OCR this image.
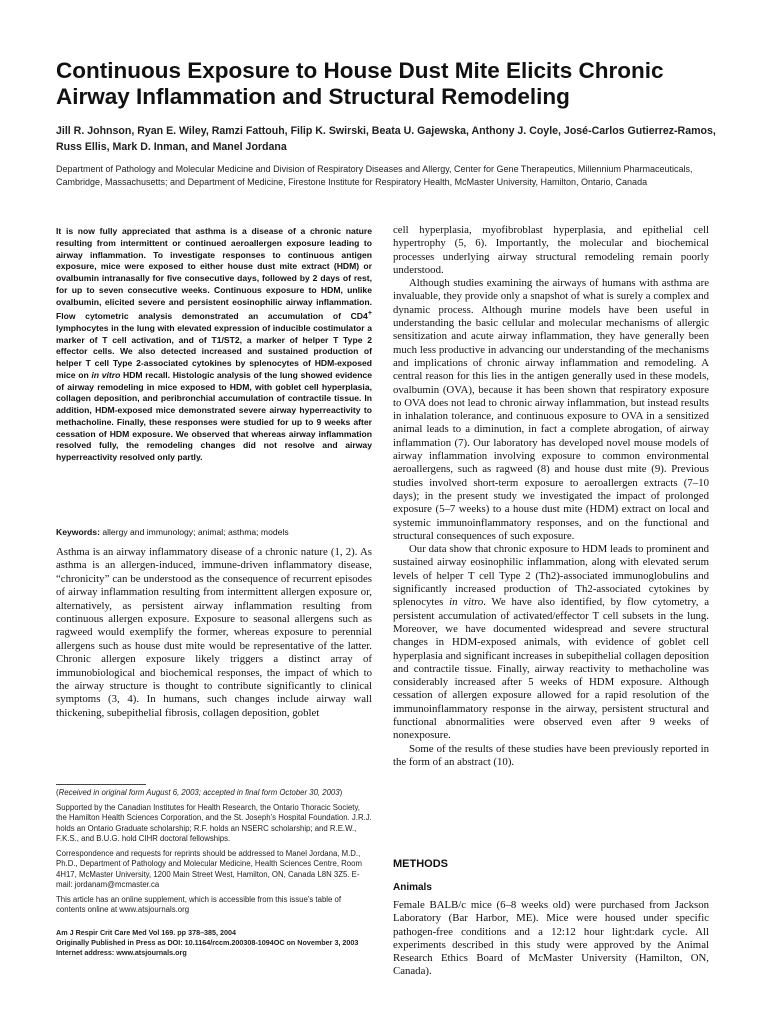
Continuous Exposure to House Dust Mite Elicits Chronic Airway Inflammation and Structural Remodeling

Jill R. Johnson, Ryan E. Wiley, Ramzi Fattouh, Filip K. Swirski, Beata U. Gajewska, Anthony J. Coyle, José-Carlos Gutierrez-Ramos, Russ Ellis, Mark D. Inman, and Manel Jordana

Department of Pathology and Molecular Medicine and Division of Respiratory Diseases and Allergy, Center for Gene Therapeutics, Millennium Pharmaceuticals, Cambridge, Massachusetts; and Department of Medicine, Firestone Institute for Respiratory Health, McMaster University, Hamilton, Ontario, Canada

It is now fully appreciated that asthma is a disease of a chronic nature resulting from intermittent or continued aeroallergen exposure leading to airway inflammation. To investigate responses to continuous antigen exposure, mice were exposed to either house dust mite extract (HDM) or ovalbumin intranasally for five consecutive days, followed by 2 days of rest, for up to seven consecutive weeks. Continuous exposure to HDM, unlike ovalbumin, elicited severe and persistent eosinophilic airway inflammation. Flow cytometric analysis demonstrated an accumulation of CD4+ lymphocytes in the lung with elevated expression of inducible costimulator a marker of T cell activation, and of T1/ST2, a marker of helper T Type 2 effector cells. We also detected increased and sustained production of helper T cell Type 2-associated cytokines by splenocytes of HDM-exposed mice on in vitro HDM recall. Histologic analysis of the lung showed evidence of airway remodeling in mice exposed to HDM, with goblet cell hyperplasia, collagen deposition, and peribronchial accumulation of contractile tissue. In addition, HDM-exposed mice demonstrated severe airway hyperreactivity to methacholine. Finally, these responses were studied for up to 9 weeks after cessation of HDM exposure. We observed that whereas airway inflammation resolved fully, the remodeling changes did not resolve and airway hyperreactivity resolved only partly.

Keywords: allergy and immunology; animal; asthma; models

Asthma is an airway inflammatory disease of a chronic nature (1, 2). As asthma is an allergen-induced, immune-driven inflammatory disease, “chronicity” can be understood as the consequence of recurrent episodes of airway inflammation resulting from intermittent allergen exposure or, alternatively, as persistent airway inflammation resulting from continuous allergen exposure. Exposure to seasonal allergens such as ragweed would exemplify the former, whereas exposure to perennial allergens such as house dust mite would be representative of the latter. Chronic allergen exposure likely triggers a distinct array of immunobiological and biochemical responses, the impact of which to the airway structure is thought to contribute significantly to clinical symptoms (3, 4). In humans, such changes include airway wall thickening, subepithelial fibrosis, collagen deposition, goblet

(Received in original form August 6, 2003; accepted in final form October 30, 2003)

Supported by the Canadian Institutes for Health Research, the Ontario Thoracic Society, the Hamilton Health Sciences Corporation, and the St. Joseph’s Hospital Foundation. J.R.J. holds an Ontario Graduate scholarship; R.F. holds an NSERC scholarship; and R.E.W., F.K.S., and B.U.G. hold CIHR doctoral fellowships.

Correspondence and requests for reprints should be addressed to Manel Jordana, M.D., Ph.D., Department of Pathology and Molecular Medicine, Health Sciences Centre, Room 4H17, McMaster University, 1200 Main Street West, Hamilton, ON, Canada L8N 3Z5. E-mail: jordanam@mcmaster.ca

This article has an online supplement, which is accessible from this issue’s table of contents online at www.atsjournals.org

Am J Respir Crit Care Med Vol 169. pp 378–385, 2004
Originally Published in Press as DOI: 10.1164/rccm.200308-1094OC on November 3, 2003
Internet address: www.atsjournals.org

cell hyperplasia, myofibroblast hyperplasia, and epithelial cell hypertrophy (5, 6). Importantly, the molecular and biochemical processes underlying airway structural remodeling remain poorly understood.

Although studies examining the airways of humans with asthma are invaluable, they provide only a snapshot of what is surely a complex and dynamic process. Although murine models have been useful in understanding the basic cellular and molecular mechanisms of allergic sensitization and acute airway inflammation, they have generally been much less productive in advancing our understanding of the mechanisms and implications of chronic airway inflammation and remodeling. A central reason for this lies in the antigen generally used in these models, ovalbumin (OVA), because it has been shown that respiratory exposure to OVA does not lead to chronic airway inflammation, but instead results in inhalation tolerance, and continuous exposure to OVA in a sensitized animal leads to a diminution, in fact a complete abrogation, of airway inflammation (7). Our laboratory has developed novel mouse models of airway inflammation involving exposure to common environmental aeroallergens, such as ragweed (8) and house dust mite (9). Previous studies involved short-term exposure to aeroallergen extracts (7–10 days); in the present study we investigated the impact of prolonged exposure (5–7 weeks) to a house dust mite (HDM) extract on local and systemic immunoinflammatory responses, and on the functional and structural consequences of such exposure.

Our data show that chronic exposure to HDM leads to prominent and sustained airway eosinophilic inflammation, along with elevated serum levels of helper T cell Type 2 (Th2)-associated immunoglobulins and significantly increased production of Th2-associated cytokines by splenocytes in vitro. We have also identified, by flow cytometry, a persistent accumulation of activated/effector T cell subsets in the lung. Moreover, we have documented widespread and severe structural changes in HDM-exposed animals, with evidence of goblet cell hyperplasia and significant increases in subepithelial collagen deposition and contractile tissue. Finally, airway reactivity to methacholine was considerably increased after 5 weeks of HDM exposure. Although cessation of allergen exposure allowed for a rapid resolution of the immunoinflammatory response in the airway, persistent structural and functional abnormalities were observed even after 9 weeks of nonexposure.

Some of the results of these studies have been previously reported in the form of an abstract (10).

METHODS
Animals

Female BALB/c mice (6–8 weeks old) were purchased from Jackson Laboratory (Bar Harbor, ME). Mice were housed under specific pathogen-free conditions and a 12:12 hour light:dark cycle. All experiments described in this study were approved by the Animal Research Ethics Board of McMaster University (Hamilton, ON, Canada).
